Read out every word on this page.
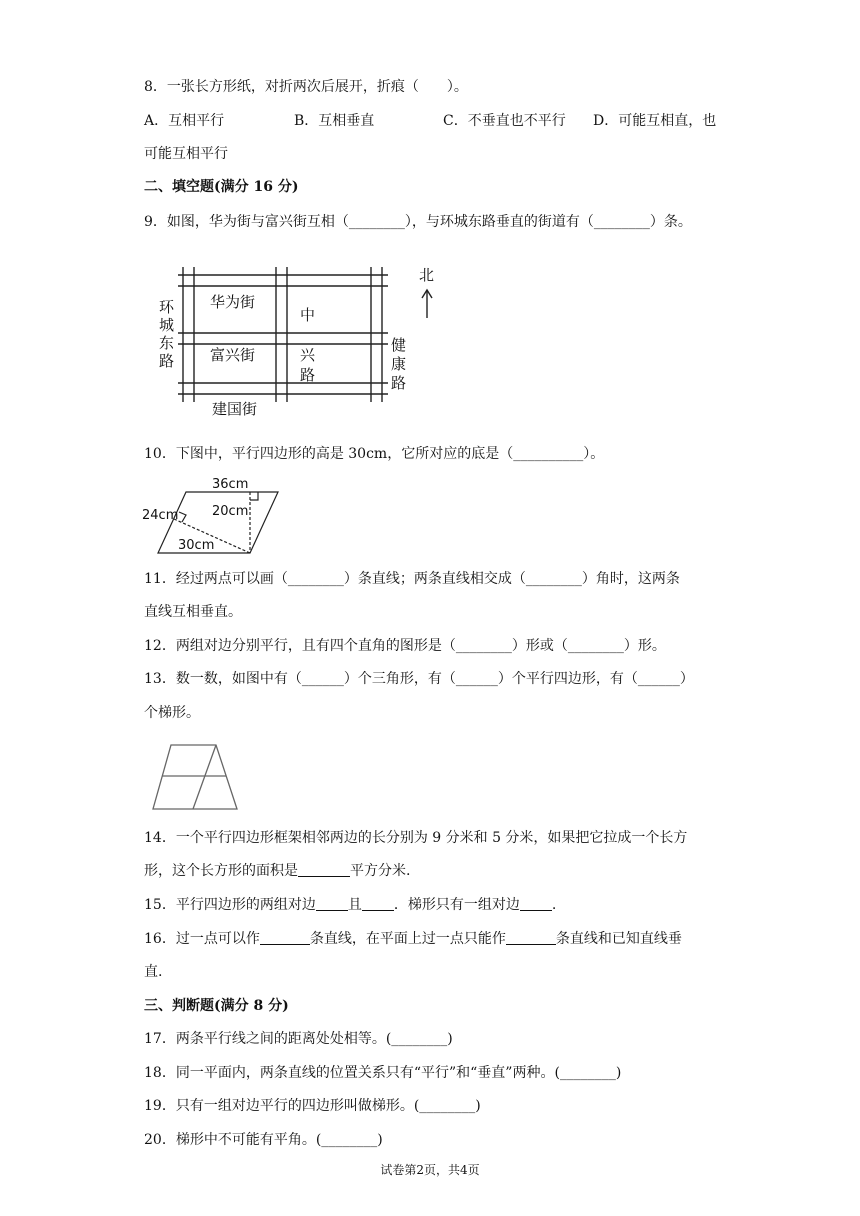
8．一张长方形纸，对折两次后展开，折痕（　　）。
A．互相平行	B．互相垂直	C．不垂直也不平行 D．可能互相直，也
可能互相平行
二、填空题(满分 16 分)
9．如图，华为街与富兴街互相（________），与环城东路垂直的街道有（________）条。
北
华为街
中
富兴街	兴
路
环
城
东
路
健
康
路
建国街
10．下图中，平行四边形的高是 30cm，它所对应的底是（__________）。
36cm
20cm
24cm
30cm
11．经过两点可以画（________）条直线；两条直线相交成（________）角时，这两条
直线互相垂直。
12．两组对边分别平行，且有四个直角的图形是（________）形或（________）形。
13．数一数，如图中有（______）个三角形，有（______）个平行四边形，有（______）
个梯形。
14．一个平行四边形框架相邻两边的长分别为 9 分米和 5 分米，如果把它拉成一个长方
形，这个长方形的面积是	平方分米.
15．平行四边形的两组对边 且 ．梯形只有一组对边 .
16．过一点可以作	条直线，在平面上过一点只能作	条直线和已知直线垂
直.
三、判断题(满分 8 分)
17．两条平行线之间的距离处处相等。(________)
18．同一平面内，两条直线的位置关系只有“平行”和“垂直”两种。(________)
19．只有一组对边平行的四边形叫做梯形。(________)
20．梯形中不可能有平角。(________)
试卷第2页，共4页
